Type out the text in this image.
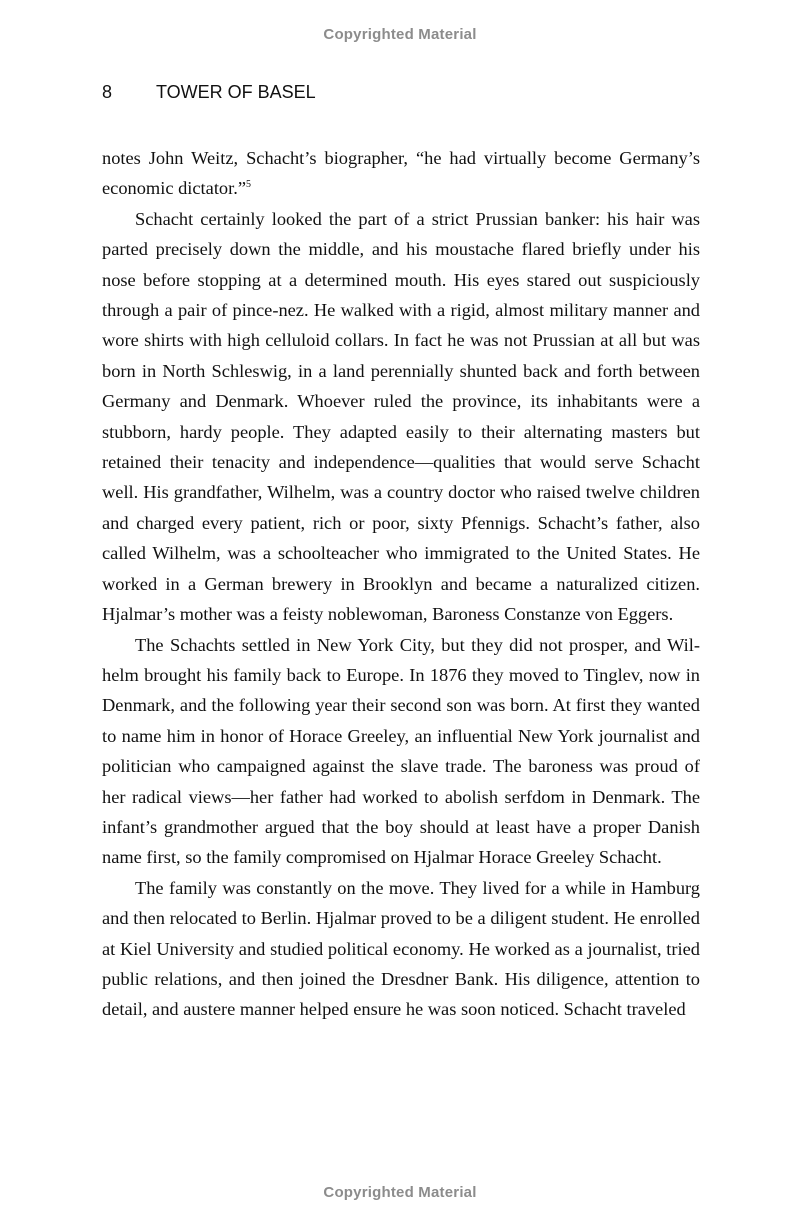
Copyrighted Material
8 TOWER OF BASEL

notes John Weitz, Schacht’s biographer, “he had virtually become Germany’s economic dictator.”$^5$

Schacht certainly looked the part of a strict Prussian banker: his hair was parted precisely down the middle, and his moustache flared briefly under his nose before stopping at a determined mouth. His eyes stared out suspiciously through a pair of pince-nez. He walked with a rigid, almost military manner and wore shirts with high celluloid collars. In fact he was not Prussian at all but was born in North Schleswig, in a land perennially shunted back and forth between Germany and Denmark. Whoever ruled the province, its inhabitants were a stubborn, hardy people. They adapted easily to their alternating masters but retained their tenacity and independence—qualities that would serve Schacht well. His grandfather, Wilhelm, was a country doctor who raised twelve children and charged every patient, rich or poor, sixty Pfennigs. Schacht’s father, also called Wilhelm, was a schoolteacher who immigrated to the United States. He worked in a German brewery in Brooklyn and became a naturalized citizen. Hjalmar’s mother was a feisty noblewoman, Baroness Constanze von Eggers.

The Schachts settled in New York City, but they did not prosper, and Wilhelm brought his family back to Europe. In 1876 they moved to Tinglev, now in Denmark, and the following year their second son was born. At first they wanted to name him in honor of Horace Greeley, an influential New York journalist and politician who campaigned against the slave trade. The baroness was proud of her radical views—her father had worked to abolish serfdom in Denmark. The infant’s grandmother argued that the boy should at least have a proper Danish name first, so the family compromised on Hjalmar Horace Greeley Schacht.

The family was constantly on the move. They lived for a while in Hamburg and then relocated to Berlin. Hjalmar proved to be a diligent student. He enrolled at Kiel University and studied political economy. He worked as a journalist, tried public relations, and then joined the Dresdner Bank. His diligence, attention to detail, and austere manner helped ensure he was soon noticed. Schacht traveled

Copyrighted Material
